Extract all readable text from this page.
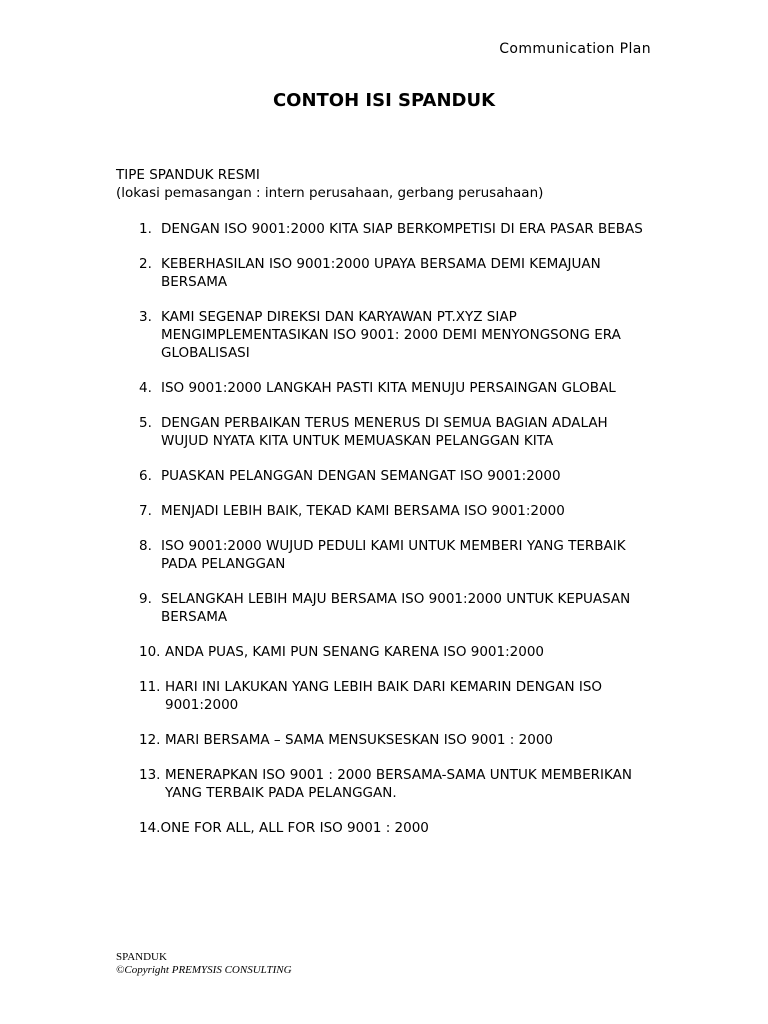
Communication Plan
CONTOH ISI SPANDUK
TIPE SPANDUK RESMI
(lokasi pemasangan : intern perusahaan, gerbang perusahaan)
1. DENGAN ISO 9001:2000 KITA SIAP BERKOMPETISI DI ERA PASAR BEBAS
2. KEBERHASILAN ISO 9001:2000 UPAYA BERSAMA DEMI KEMAJUAN BERSAMA
3. KAMI SEGENAP DIREKSI DAN KARYAWAN PT.XYZ SIAP MENGIMPLEMENTASIKAN ISO 9001: 2000 DEMI MENYONGSONG ERA GLOBALISASI
4. ISO 9001:2000 LANGKAH PASTI KITA MENUJU PERSAINGAN GLOBAL
5. DENGAN PERBAIKAN TERUS MENERUS DI SEMUA BAGIAN ADALAH WUJUD NYATA KITA UNTUK MEMUASKAN PELANGGAN KITA
6. PUASKAN PELANGGAN DENGAN SEMANGAT ISO 9001:2000
7. MENJADI LEBIH BAIK, TEKAD KAMI BERSAMA ISO 9001:2000
8. ISO 9001:2000 WUJUD PEDULI KAMI UNTUK MEMBERI YANG TERBAIK PADA PELANGGAN
9. SELANGKAH LEBIH MAJU BERSAMA ISO 9001:2000 UNTUK KEPUASAN BERSAMA
10. ANDA PUAS, KAMI PUN SENANG KARENA ISO 9001:2000
11. HARI INI LAKUKAN YANG LEBIH BAIK DARI KEMARIN DENGAN ISO 9001:2000
12. MARI BERSAMA – SAMA MENSUKSESKAN ISO 9001 : 2000
13. MENERAPKAN ISO 9001 : 2000 BERSAMA-SAMA UNTUK MEMBERIKAN YANG TERBAIK PADA PELANGGAN.
14. ONE FOR ALL, ALL FOR ISO 9001 : 2000
SPANDUK
©Copyright PREMYSIS CONSULTING
